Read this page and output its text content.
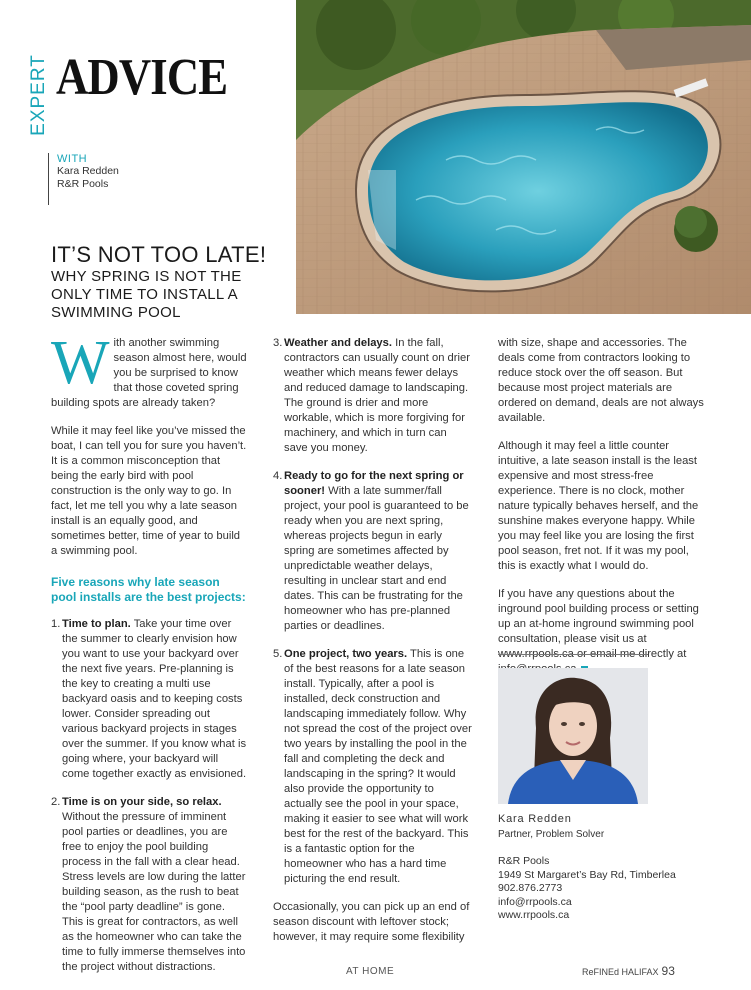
EXPERT ADVICE
WITH
Kara Redden
R&R Pools
IT’S NOT TOO LATE!
WHY SPRING IS NOT THE ONLY TIME TO INSTALL A SWIMMING POOL

With another swimming season almost here, would you be surprised to know that those coveted spring building spots are already taken?

While it may feel like you’ve missed the boat, I can tell you for sure you haven’t. It is a common misconception that being the early bird with pool construction is the only way to go. In fact, let me tell you why a late season install is an equally good, and sometimes better, time of year to build a swimming pool.

Five reasons why late season pool installs are the best projects:
1. Time to plan. Take your time over the summer to clearly envision how you want to use your backyard over the next five years. Pre-planning is the key to creating a multi use backyard oasis and to keeping costs lower. Consider spreading out various backyard projects in stages over the summer. If you know what is going where, your backyard will come together exactly as envisioned.
2. Time is on your side, so relax. Without the pressure of imminent pool parties or deadlines, you are free to enjoy the pool building process in the fall with a clear head. Stress levels are low during the latter building season, as the rush to beat the “pool party deadline” is gone. This is great for contractors, as well as the homeowner who can take the time to fully immerse themselves into the project without distractions.
3. Weather and delays. In the fall, contractors can usually count on drier weather which means fewer delays and reduced damage to landscaping. The ground is drier and more workable, which is more forgiving for machinery, and which in turn can save you money.
4. Ready to go for the next spring or sooner! With a late summer/fall project, your pool is guaranteed to be ready when you are next spring, whereas projects begun in early spring are sometimes affected by unpredictable weather delays, resulting in unclear start and end dates. This can be frustrating for the homeowner who has pre-planned parties or deadlines.
5. One project, two years. This is one of the best reasons for a late season install. Typically, after a pool is installed, deck construction and landscaping immediately follow. Why not spread the cost of the project over two years by installing the pool in the fall and completing the deck and landscaping in the spring? It would also provide the opportunity to actually see the pool in your space, making it easier to see what will work best for the rest of the backyard. This is a fantastic option for the homeowner who has a hard time picturing the end result.

Occasionally, you can pick up an end of season discount with leftover stock; however, it may require some flexibility

with size, shape and accessories. The deals come from contractors looking to reduce stock over the off season. But because most project materials are ordered on demand, deals are not always available.

Although it may feel a little counter intuitive, a late season install is the least expensive and most stress-free experience. There is no clock, mother nature typically behaves herself, and the sunshine makes everyone happy. While you may feel like you are losing the first pool season, fret not. If it was my pool, this is exactly what I would do.

If you have any questions about the inground pool building process or setting up an at-home inground swimming pool consultation, please visit us at www.rrpools.ca or email me directly at

Kara Redden
Partner, Problem Solver
R&R Pools
1949 St Margaret’s Bay Rd, Timberlea
902.876.2773
info@rrpools.ca
www.rrpools.ca
AT HOME	ReFINEd HALIFAX 93
